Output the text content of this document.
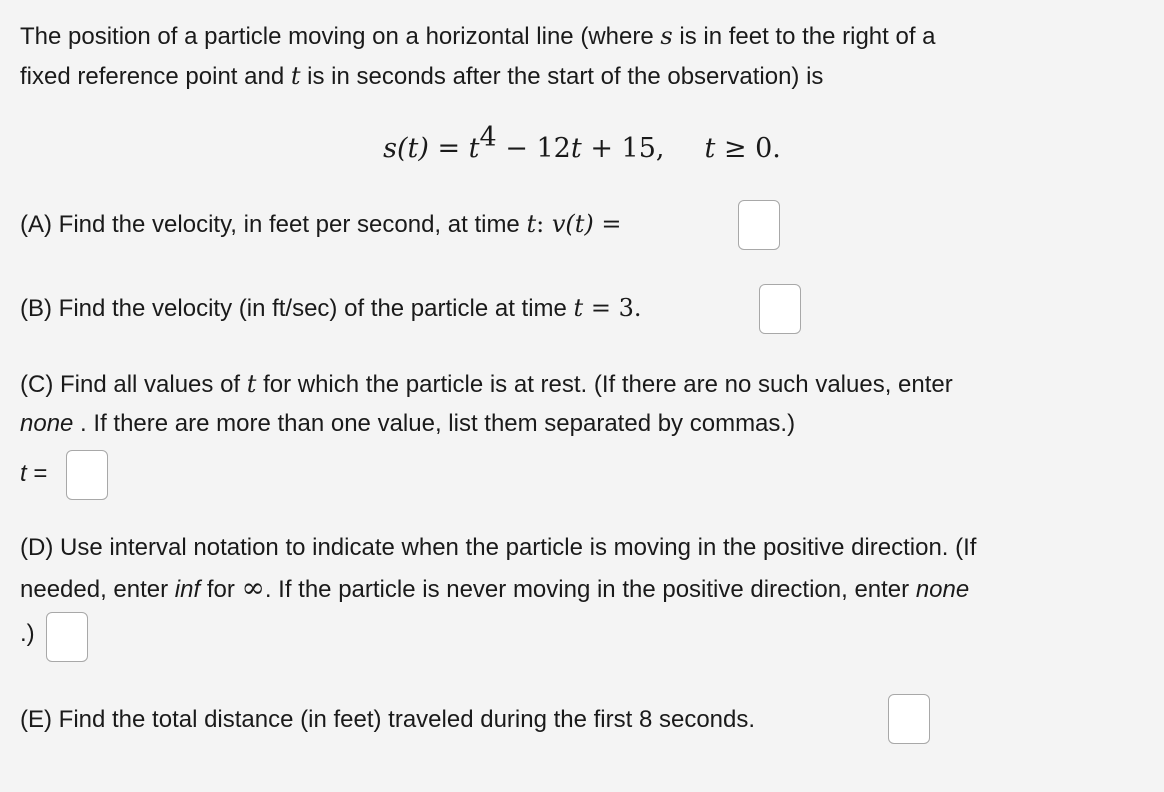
The position of a particle moving on a horizontal line (where s is in feet to the right of a
fixed reference point and t is in seconds after the start of the observation) is
$s(t) = t^4 - 12t + 15$, t ≥ 0.
(A) Find the velocity, in feet per second, at time t: v(t) =
(B) Find the velocity (in ft/sec) of the particle at time t = 3.
(C) Find all values of t for which the particle is at rest. (If there are no such values, enter
none . If there are more than one value, list them separated by commas.)
t =
(D) Use interval notation to indicate when the particle is moving in the positive direction. (If
needed, enter inf for ∞. If the particle is never moving in the positive direction, enter none
.)
(E) Find the total distance (in feet) traveled during the first 8 seconds.
